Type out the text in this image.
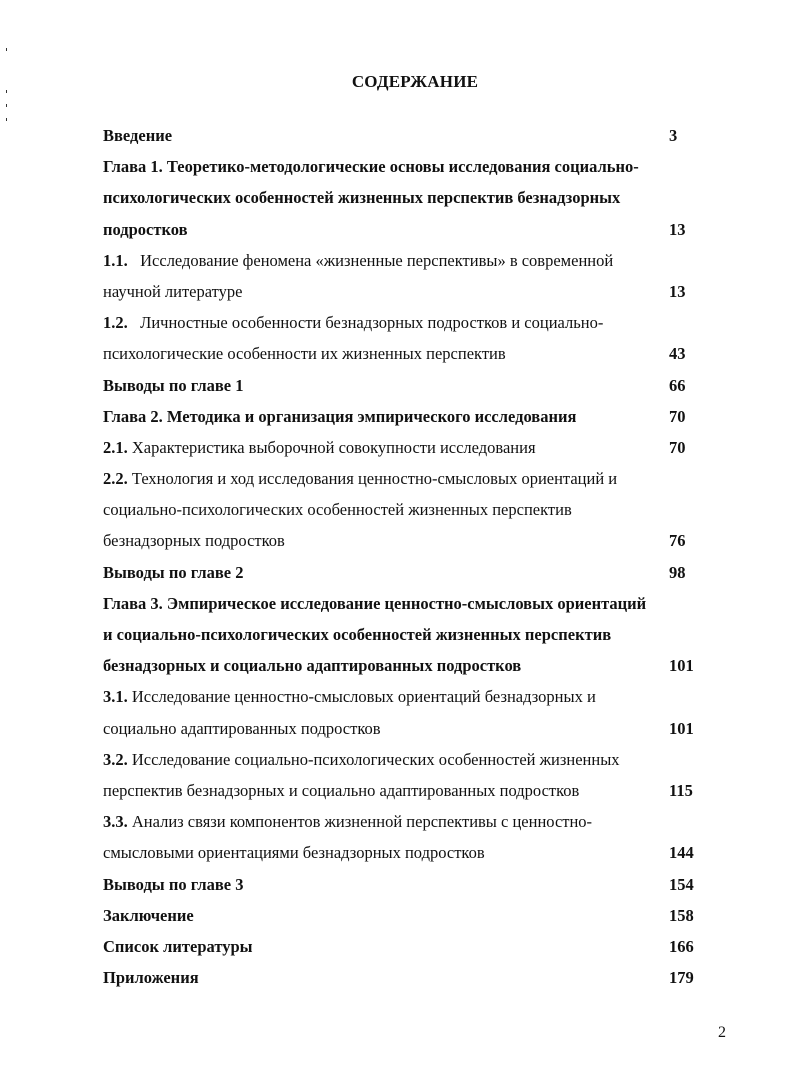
СОДЕРЖАНИЕ
Введение	3
Глава 1. Теоретико-методологические основы исследования социально-
психологических особенностей жизненных перспектив безнадзорных
подростков	13
1.1.   Исследование феномена «жизненные перспективы» в современной
научной литературе	13
1.2.   Личностные особенности безнадзорных подростков и социально-
психологические особенности их жизненных перспектив	43
Выводы по главе 1	66
Глава 2. Методика и организация эмпирического исследования	70
2.1. Характеристика выборочной совокупности исследования	70
2.2. Технология и ход исследования ценностно-смысловых ориентаций и
социально-психологических особенностей жизненных перспектив
безнадзорных подростков	76
Выводы по главе 2	98
Глава 3. Эмпирическое исследование ценностно-смысловых ориентаций
и социально-психологических особенностей жизненных перспектив
безнадзорных и социально адаптированных подростков	101
3.1. Исследование ценностно-смысловых ориентаций безнадзорных и
социально адаптированных подростков	101
3.2. Исследование социально-психологических особенностей жизненных
перспектив безнадзорных и социально адаптированных подростков	115
3.3. Анализ связи компонентов жизненной перспективы с ценностно-
смысловыми ориентациями безнадзорных подростков	144
Выводы по главе 3	154
Заключение	158
Список литературы	166
Приложения	179
2
